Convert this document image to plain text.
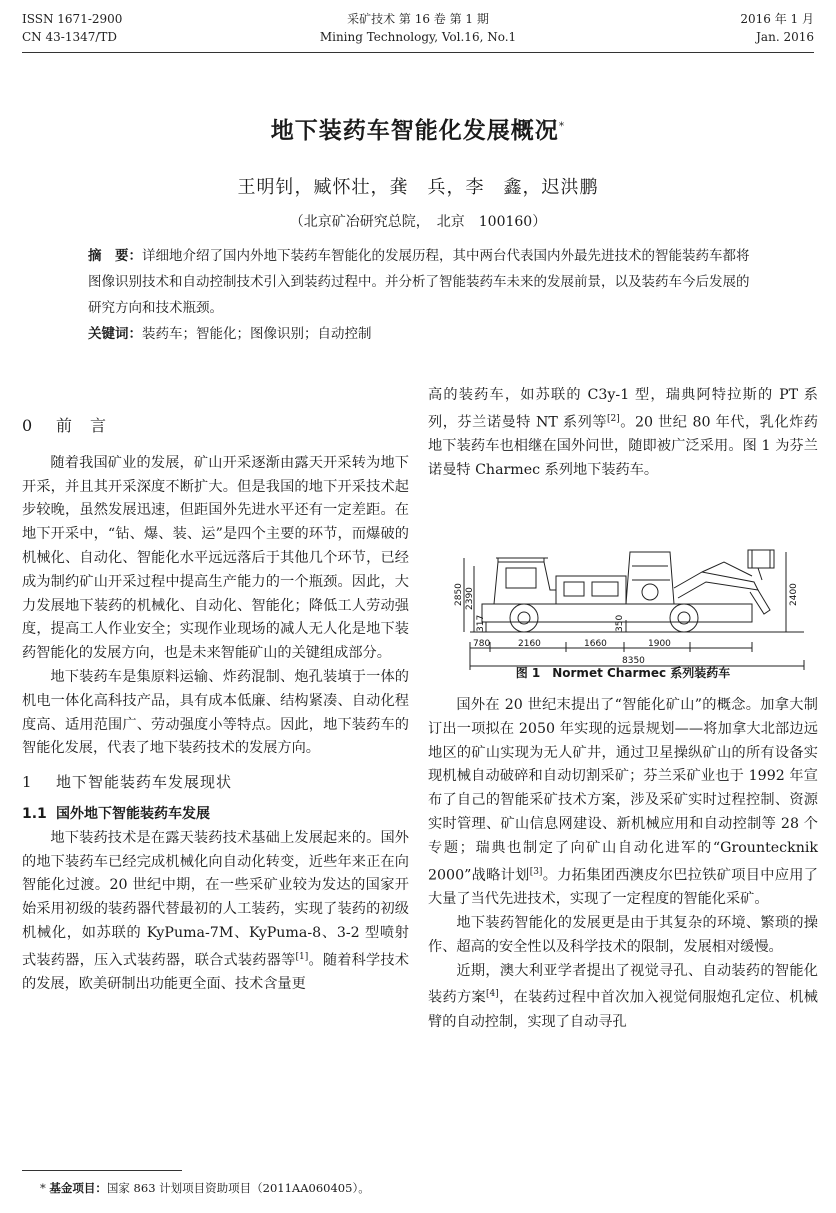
ISSN 1671-2900
CN 43-1347/TD
采矿技术 第 16 卷 第 1 期
Mining Technology, Vol.16, No.1
2016 年 1 月
Jan. 2016
地下装药车智能化发展概况*
王明钊，臧怀壮，龚　兵，李　鑫，迟洪鹏
（北京矿冶研究总院，　北京　100160）
摘　要：详细地介绍了国内外地下装药车智能化的发展历程，其中两台代表国内外最先进技术的智能装药车都将图像识别技术和自动控制技术引入到装药过程中。并分析了智能装药车未来的发展前景，以及装药车今后发展的研究方向和技术瓶颈。
关键词：装药车；智能化；图像识别；自动控制
0 前　言

随着我国矿业的发展，矿山开采逐渐由露天开采转为地下开采，并且其开采深度不断扩大。但是我国的地下开采技术起步较晚，虽然发展迅速，但距国外先进水平还有一定差距。在地下开采中，“钻、爆、装、运”是四个主要的环节，而爆破的机械化、自动化、智能化水平远远落后于其他几个环节，已经成为制约矿山开采过程中提高生产能力的一个瓶颈。因此，大力发展地下装药的机械化、自动化、智能化；降低工人劳动强度，提高工人作业安全；实现作业现场的减人无人化是地下装药智能化的发展方向，也是未来智能矿山的关键组成部分。

地下装药车是集原料运输、炸药混制、炮孔装填于一体的机电一体化高科技产品，具有成本低廉、结构紧凑、自动化程度高、适用范围广、劳动强度小等特点。因此，地下装药车的智能化发展，代表了地下装药技术的发展方向。

1 地下智能装药车发展现状
1.1 国外地下智能装药车发展

地下装药技术是在露天装药技术基础上发展起来的。国外的地下装药车已经完成机械化向自动化转变，近些年来正在向智能化过渡。20 世纪中期，在一些采矿业较为发达的国家开始采用初级的装药器代替最初的人工装药，实现了装药的初级机械化，如苏联的 KyPuma-7M、KyPuma-8、3-2 型喷射式装药器，压入式装药器，联合式装药器等[1]。随着科学技术的发展，欧美研制出功能更全面、技术含量更

高的装药车，如苏联的 C3y-1 型，瑞典阿特拉斯的 PT 系列，芬兰诺曼特 NT 系列等[2]。20 世纪 80 年代，乳化炸药地下装药车也相继在国外问世，随即被广泛采用。图 1 为芬兰诺曼特 Charmec 系列地下装药车。

780	2160	1660	1900
8350
2850 2390
350
2400
317
图 1　Normet Charmec 系列装药车

国外在 20 世纪末提出了“智能化矿山”的概念。加拿大制订出一项拟在 2050 年实现的远景规划——将加拿大北部边远地区的矿山实现为无人矿井，通过卫星操纵矿山的所有设备实现机械自动破碎和自动切割采矿；芬兰采矿业也于 1992 年宣布了自己的智能采矿技术方案，涉及采矿实时过程控制、资源实时管理、矿山信息网建设、新机械应用和自动控制等 28 个专题；瑞典也制定了向矿山自动化进军的“Grountecknik 2000”战略计划[3]。力拓集团西澳皮尔巴拉铁矿项目中应用了大量了当代先进技术，实现了一定程度的智能化采矿。

地下装药智能化的发展更是由于其复杂的环境、繁琐的操作、超高的安全性以及科学技术的限制，发展相对缓慢。

近期，澳大利亚学者提出了视觉寻孔、自动装药的智能化装药方案[4]，在装药过程中首次加入视觉伺服炮孔定位、机械臂的自动控制，实现了自动寻孔

* 基金项目：国家 863 计划项目资助项目（2011AA060405）。
